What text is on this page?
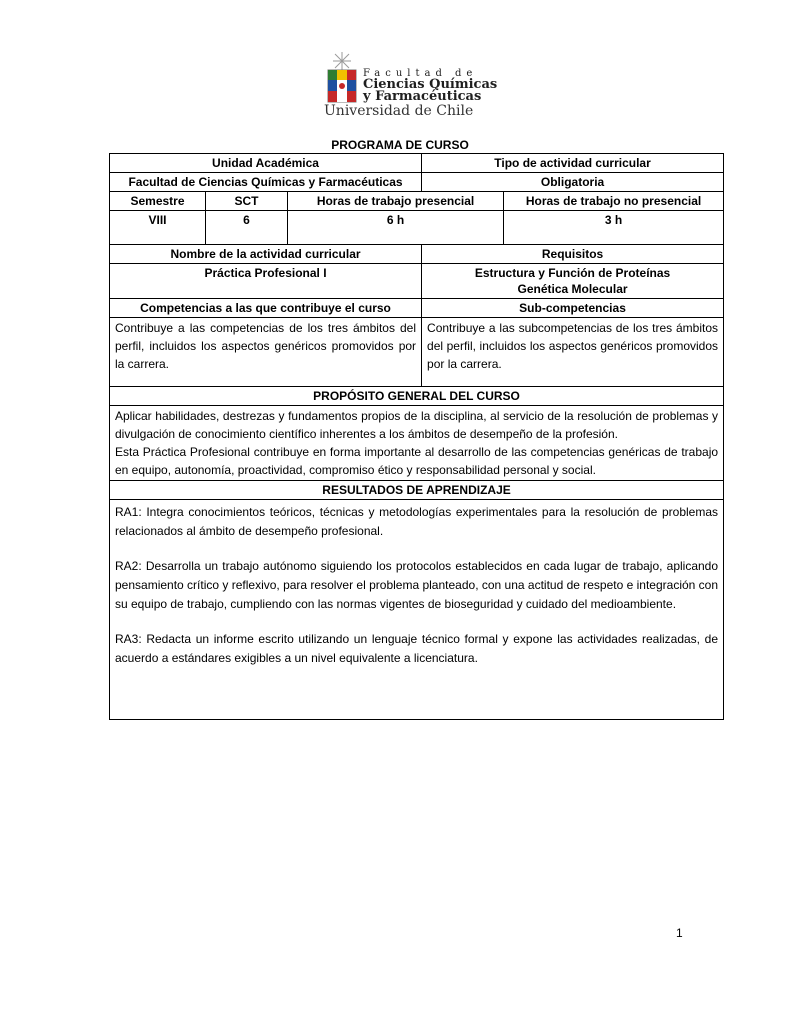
Facultad de
Ciencias Químicas
y Farmacéuticas
Universidad de Chile
PROGRAMA DE CURSO
Unidad Académica			Tipo de actividad curricular	
Facultad de Ciencias Químicas y Farmacéuticas			Obligatoria	
Semestre	SCT	Horas de trabajo presencial		Horas de trabajo no presencial
VIII	6	6 h		3 h
Nombre de la actividad curricular			Requisitos	
Práctica Profesional I			Estructura y Función de Proteínas
Genética Molecular	

Competencias a las que contribuye el curso			Sub-competencias	
Contribuye a las competencias de los tres ámbitos del perfil, incluidos los aspectos genéricos promovidos por la carrera.			Contribuye a las subcompetencias de los tres ámbitos del perfil, incluidos los aspectos genéricos promovidos por la carrera.	
PROPÓSITO GENERAL DEL CURSO				

Aplicar habilidades, destrezas y fundamentos propios de la disciplina, al servicio de la resolución de problemas y divulgación de conocimiento científico inherentes a los ámbitos de desempeño de la profesión.

Esta Práctica Profesional contribuye en forma importante al desarrollo de las competencias genéricas de trabajo en equipo, autonomía, proactividad, compromiso ético y responsabilidad personal y social.				

RESULTADOS DE APRENDIZAJE				

RA1: Integra conocimientos teóricos, técnicas y metodologías experimentales para la resolución de problemas relacionados al ámbito de desempeño profesional.

RA2: Desarrolla un trabajo autónomo siguiendo los protocolos establecidos en cada lugar de trabajo, aplicando pensamiento crítico y reflexivo, para resolver el problema planteado, con una actitud de respeto e integración con su equipo de trabajo, cumpliendo con las normas vigentes de bioseguridad y cuidado del medioambiente.

RA3: Redacta un informe escrito utilizando un lenguaje técnico formal y expone las actividades realizadas, de acuerdo a estándares exigibles a un nivel equivalente a licenciatura.				

1
